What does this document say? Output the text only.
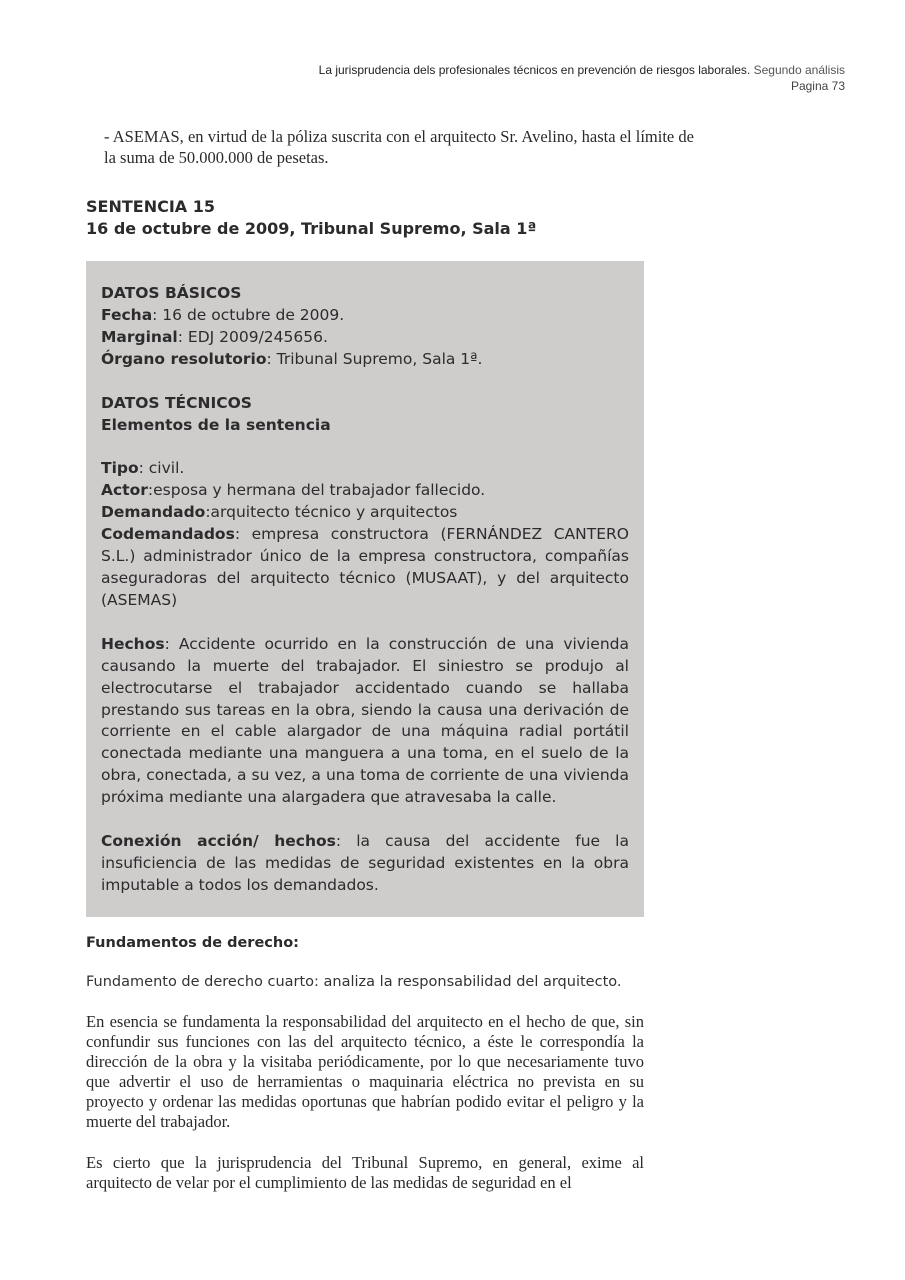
La jurisprudencia dels profesionales técnicos en prevención de riesgos laborales. Segundo análisis
Pagina 73
- ASEMAS, en virtud de la póliza suscrita con el arquitecto Sr. Avelino, hasta el límite de la suma de 50.000.000 de pesetas.
SENTENCIA 15
16 de octubre de 2009, Tribunal Supremo, Sala 1ª

DATOS BÁSICOS

Fecha: 16 de octubre de 2009.

Marginal: EDJ 2009/245656.

Órgano resolutorio: Tribunal Supremo, Sala 1ª.

DATOS TÉCNICOS

Elementos de la sentencia

Tipo: civil.

Actor:esposa y hermana del trabajador fallecido.

Demandado:arquitecto técnico y arquitectos

Codemandados: empresa constructora (FERNÁNDEZ CANTERO S.L.) administrador único de la empresa constructora, compañías aseguradoras del arquitecto técnico (MUSAAT), y del arquitecto (ASEMAS)

Hechos: Accidente ocurrido en la construcción de una vivienda causando la muerte del trabajador. El siniestro se produjo al electrocutarse el trabajador accidentado cuando se hallaba prestando sus tareas en la obra, siendo la causa una derivación de corriente en el cable alargador de una máquina radial portátil conectada mediante una manguera a una toma, en el suelo de la obra, conectada, a su vez, a una toma de corriente de una vivienda próxima mediante una alargadera que atravesaba la calle.

Conexión acción/ hechos: la causa del accidente fue la insuficiencia de las medidas de seguridad existentes en la obra imputable a todos los demandados.

Fundamentos de derecho:
Fundamento de derecho cuarto: analiza la responsabilidad del arquitecto.
En esencia se fundamenta la responsabilidad del arquitecto en el hecho de que, sin confundir sus funciones con las del arquitecto técnico, a éste le correspondía la dirección de la obra y la visitaba periódicamente, por lo que necesariamente tuvo que advertir el uso de herramientas o maquinaria eléctrica no prevista en su proyecto y ordenar las medidas oportunas que habrían podido evitar el peligro y la muerte del trabajador.
Es cierto que la jurisprudencia del Tribunal Supremo, en general, exime al arquitecto de velar por el cumplimiento de las medidas de seguridad en el
